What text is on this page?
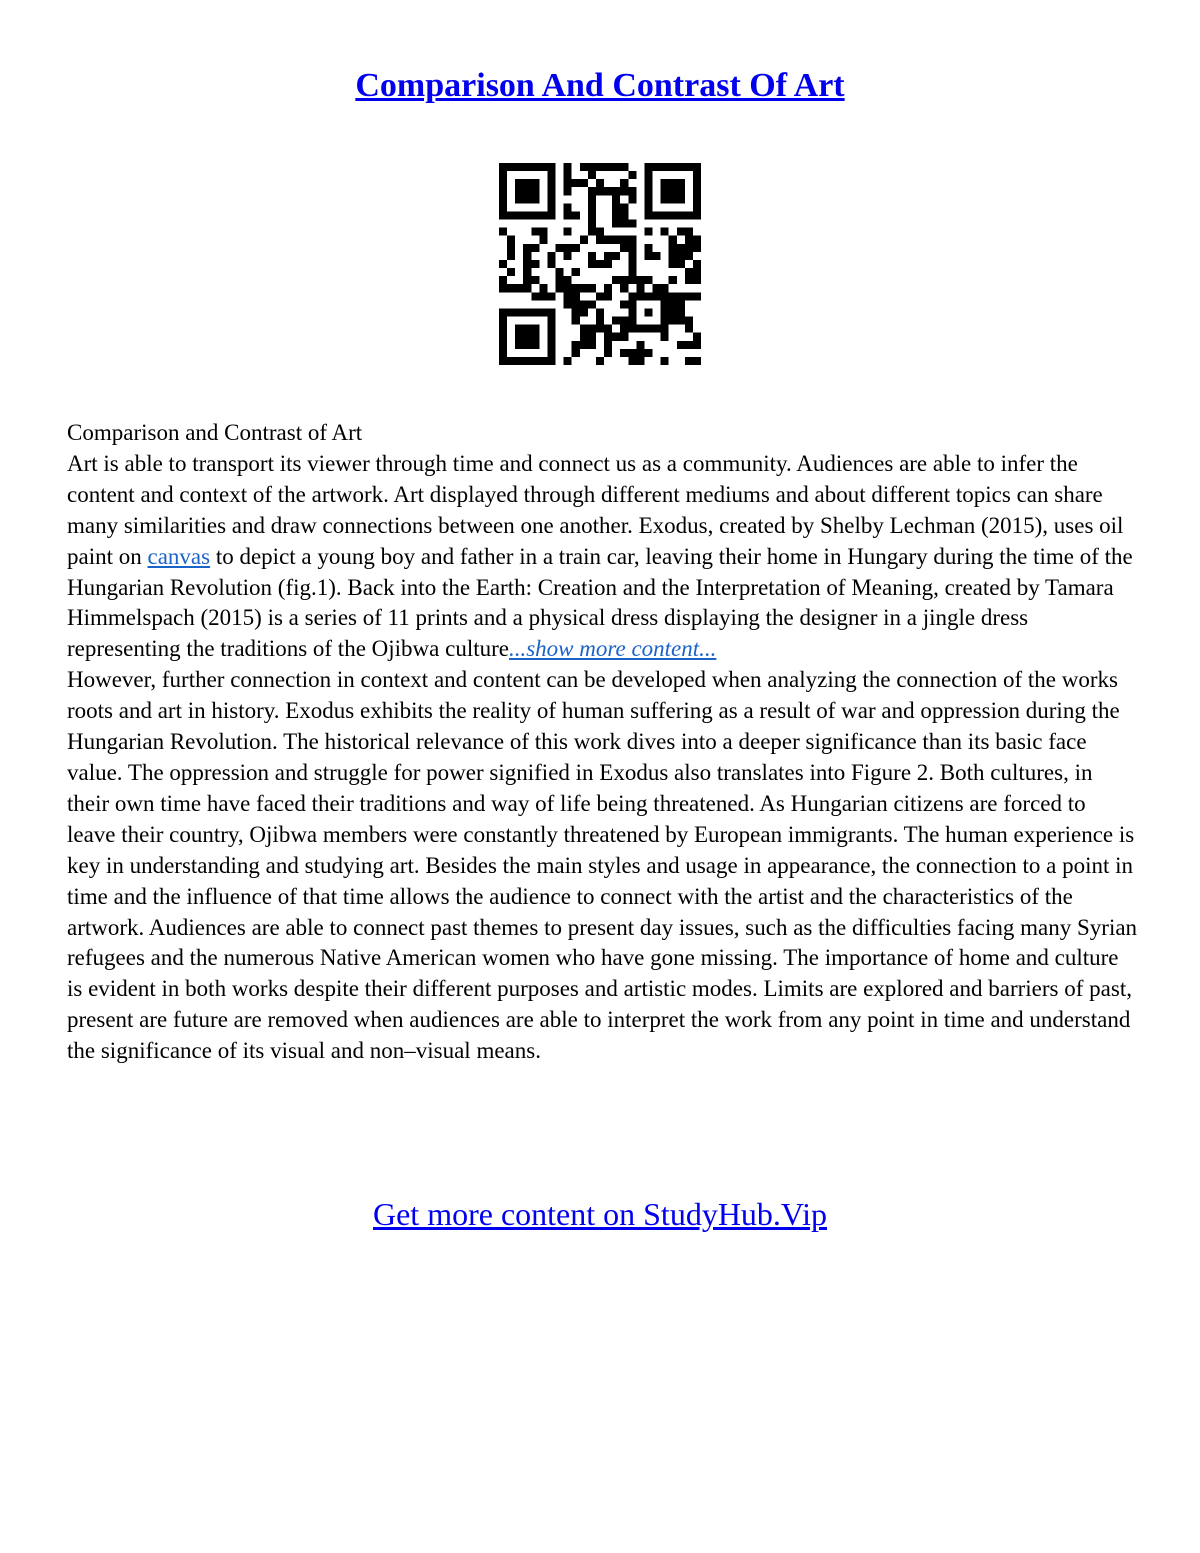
Comparison And Contrast Of Art

Comparison and Contrast of Art

Art is able to transport its viewer through time and connect us as a community. Audiences are able to infer the content and context of the artwork. Art displayed through different mediums and about different topics can share many similarities and draw connections between one another. Exodus, created by Shelby Lechman (2015), uses oil paint on canvas to depict a young boy and father in a train car, leaving their home in Hungary during the time of the Hungarian Revolution (fig.1). Back into the Earth: Creation and the Interpretation of Meaning, created by Tamara Himmelspach (2015) is a series of 11 prints and a physical dress displaying the designer in a jingle dress representing the traditions of the Ojibwa culture...show more content...

However, further connection in context and content can be developed when analyzing the connection of the works roots and art in history. Exodus exhibits the reality of human suffering as a result of war and oppression during the Hungarian Revolution. The historical relevance of this work dives into a deeper significance than its basic face value. The oppression and struggle for power signified in Exodus also translates into Figure 2. Both cultures, in their own time have faced their traditions and way of life being threatened. As Hungarian citizens are forced to leave their country, Ojibwa members were constantly threatened by European immigrants. The human experience is key in understanding and studying art. Besides the main styles and usage in appearance, the connection to a point in time and the influence of that time allows the audience to connect with the artist and the characteristics of the artwork. Audiences are able to connect past themes to present day issues, such as the difficulties facing many Syrian refugees and the numerous Native American women who have gone missing. The importance of home and culture is evident in both works despite their different purposes and artistic modes. Limits are explored and barriers of past, present are future are removed when audiences are able to interpret the work from any point in time and understand the significance of its visual and non–visual means.

Get more content on StudyHub.Vip
